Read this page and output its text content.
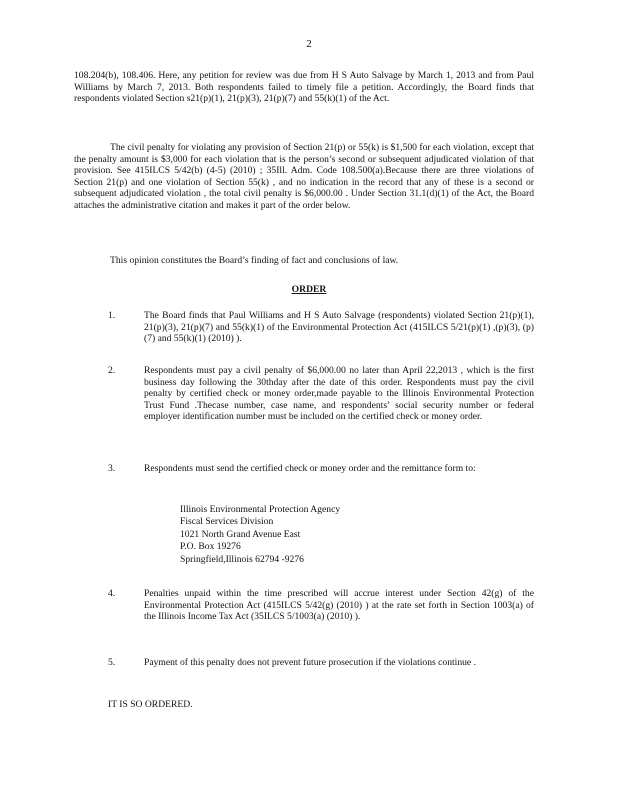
2
108.204(b), 108.406. Here, any petition for review was due from H S Auto Salvage by March 1, 2013 and from Paul Williams by March 7, 2013. Both respondents failed to timely file a petition. Accordingly, the Board finds that respondents violated Section s21(p)(1), 21(p)(3), 21(p)(7) and 55(k)(1) of the Act.
The civil penalty for violating any provision of Section 21(p) or 55(k) is $1,500 for each violation, except that the penalty amount is $3,000 for each violation that is the person’s second or subsequent adjudicated violation of that provision. See 415ILCS 5/42(b) (4-5) (2010) ; 35Ill. Adm. Code 108.500(a).Because there are three violations of Section 21(p) and one violation of Section 55(k) , and no indication in the record that any of these is a second or subsequent adjudicated violation , the total civil penalty is $6,000.00 . Under Section 31.1(d)(1) of the Act, the Board attaches the administrative citation and makes it part of the order below.
This opinion constitutes the Board’s finding of fact and conclusions of law.
ORDER
1.	The Board finds that Paul Williams and H S Auto Salvage (respondents) violated Section 21(p)(1), 21(p)(3), 21(p)(7) and 55(k)(1) of the Environmental Protection Act (415ILCS 5/21(p)(1) ,(p)(3), (p)(7) and 55(k)(1) (2010) ).
2.	Respondents must pay a civil penalty of $6,000.00 no later than April 22,2013 , which is the first business day following the 30thday after the date of this order. Respondents must pay the civil penalty by certified check or money order,made payable to the Illinois Environmental Protection Trust Fund .Thecase number, case name, and respondents’ social security number or federal employer identification number must be included on the certified check or money order.
3.	Respondents must send the certified check or money order and the remittance form to:
Illinois Environmental Protection Agency
Fiscal Services Division
1021 North Grand Avenue East
P.O. Box 19276
Springfield,Illinois 62794 -9276
4.	Penalties unpaid within the time prescribed will accrue interest under Section 42(g) of the Environmental Protection Act (415ILCS 5/42(g) (2010) ) at the rate set forth in Section 1003(a) of the Illinois Income Tax Act (35ILCS 5/1003(a) (2010) ).
5.	Payment of this penalty does not prevent future prosecution if the violations continue .
IT IS SO ORDERED.
